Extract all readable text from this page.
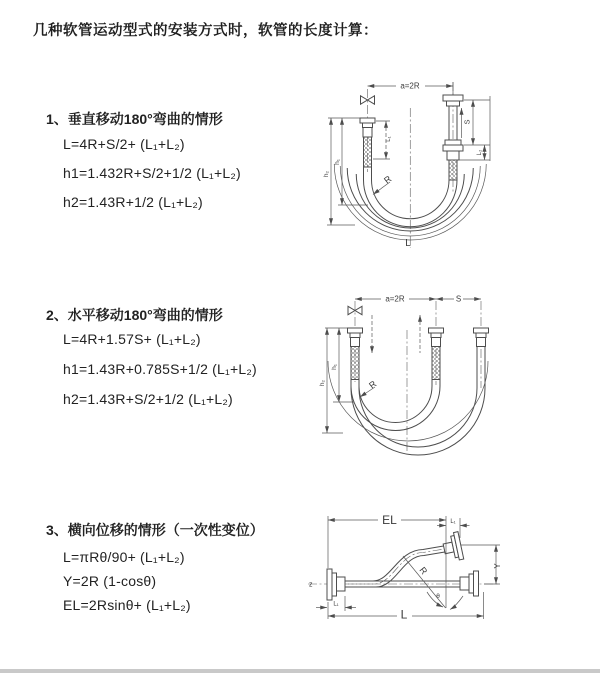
几种软管运动型式的安装方式时，软管的长度计算：
1、垂直移动180°弯曲的情形
L=4R+S/2+ (L₁+L₂)
h1=1.432R+S/2+1/2 (L₁+L₂)
h2=1.43R+1/2 (L₁+L₂)
2、水平移动180°弯曲的情形
L=4R+1.57S+ (L₁+L₂)
h1=1.43R+0.785S+1/2 (L₁+L₂)
h2=1.43R+S/2+1/2 (L₁+L₂)
3、横向位移的情形（一次性变位）
L=πRθ/90+ (L₁+L₂)
Y=2R (1-cosθ)
EL=2Rsinθ+ (L₁+L₂)
a=2R
S
L₂
h₁
h₂
L₁
R
L
a=2R	S
h₁
h₂	R
z
EL	L₁
Y
L
L₁
θ
R
